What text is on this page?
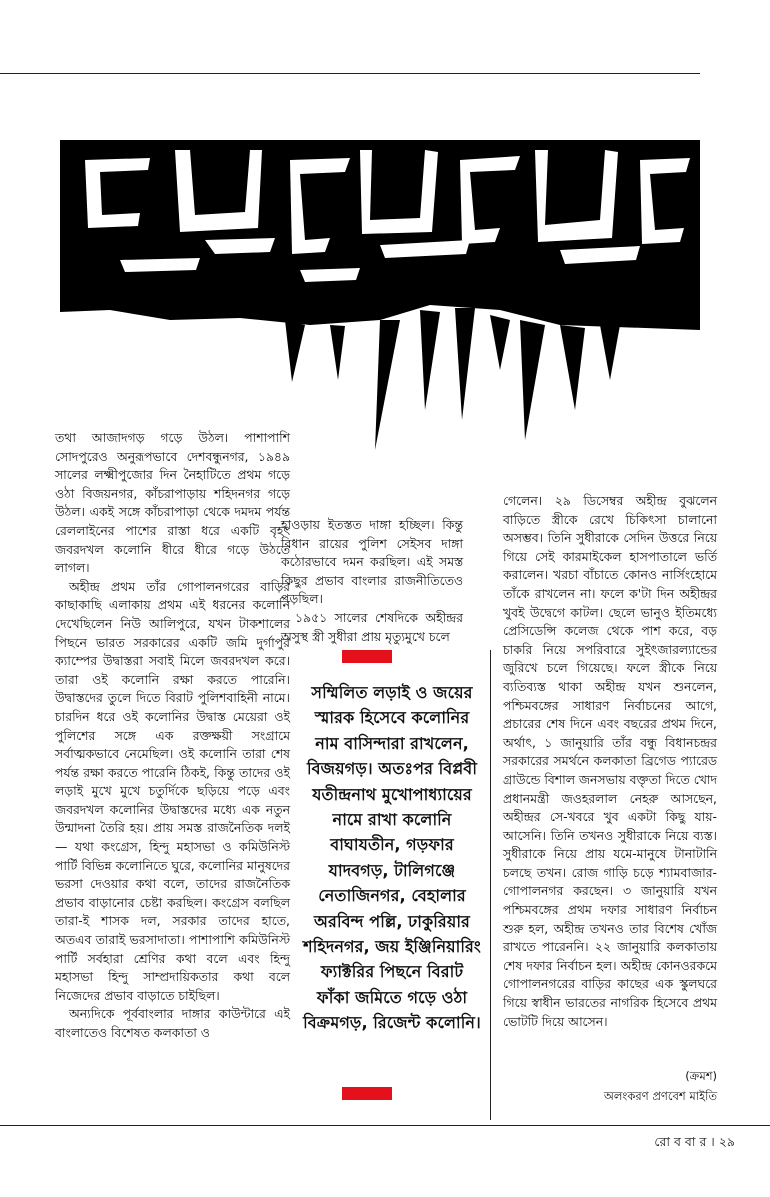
তথা আজাদগড় গড়ে উঠল। পাশাপাশি সোদপুরেও অনুরূপভাবে দেশবন্ধুনগর, ১৯৪৯ সালের লক্ষ্মীপুজোর দিন নৈহাটিতে প্রথম গড়ে ওঠা বিজয়নগর, কাঁচরাপাড়ায় শহিদনগর গড়ে উঠল। একই সঙ্গে কাঁচরাপাড়া থেকে দমদম পর্যন্ত রেললাইনের পাশের রাস্তা ধরে একটি বৃহৎ জবরদখল কলোনি ধীরে ধীরে গড়ে উঠতে লাগল।

অহীন্দ্র প্রথম তাঁর গোপালনগরের বাড়ির কাছাকাছি এলাকায় প্রথম এই ধরনের কলোনি দেখেছিলেন নিউ আলিপুরে, যখন টাকশালের পিছনে ভারত সরকারের একটি জমি দুর্গাপুর ক্যাম্পের উদ্বাস্তরা সবাই মিলে জবরদখল করে। তারা ওই কলোনি রক্ষা করতে পারেনি। উদ্বাস্তদের তুলে দিতে বিরাট পুলিশবাহিনী নামে। চারদিন ধরে ওই কলোনির উদ্বাস্ত মেয়েরা ওই পুলিশের সঙ্গে এক রক্তক্ষয়ী সংগ্রামে সর্বাত্মকভাবে নেমেছিল। ওই কলোনি তারা শেষ পর্যন্ত রক্ষা করতে পারেনি ঠিকই, কিন্তু তাদের ওই লড়াই মুখে মুখে চতুর্দিকে ছড়িয়ে পড়ে এবং জবরদখল কলোনির উদ্বাস্তদের মধ্যে এক নতুন উন্মাদনা তৈরি হয়। প্রায় সমস্ত রাজনৈতিক দলই— যথা কংগ্রেস, হিন্দু মহাসভা ও কমিউনিস্ট পার্টি বিভিন্ন কলোনিতে ঘুরে, কলোনির মানুষদের ভরসা দেওয়ার কথা বলে, তাদের রাজনৈতিক প্রভাব বাড়ানোর চেষ্টা করছিল। কংগ্রেস বলছিল তারা-ই শাসক দল, সরকার তাদের হাতে, অতএব তারাই ভরসাদাতা। পাশাপাশি কমিউনিস্ট পার্টি সর্বহারা শ্রেণির কথা বলে এবং হিন্দু মহাসভা হিন্দু সাম্প্রদায়িকতার কথা বলে নিজেদের প্রভাব বাড়াতে চাইছিল।

অন্যদিকে পূর্ববাংলার দাঙ্গার কাউন্টারে এই বাংলাতেও বিশেষত কলকাতা ও

হাওড়ায় ইতস্তত দাঙ্গা হচ্ছিল। কিন্তু বিধান রায়ের পুলিশ সেইসব দাঙ্গা কঠোরভাবে দমন করছিল। এই সমস্ত কিছুর প্রভাব বাংলার রাজনীতিতেও পড়ছিল।

১৯৫১ সালের শেষদিকে অহীন্দ্রর অসুস্থ স্ত্রী সুধীরা প্রায় মৃত্যুমুখে চলে

সম্মিলিত লড়াই ও জয়ের স্মারক হিসেবে কলোনির নাম বাসিন্দারা রাখলেন, বিজয়গড়। অতঃপর বিপ্লবী যতীন্দ্রনাথ মুখোপাধ্যায়ের নামে রাখা কলোনি বাঘাযতীন, গড়ফার যাদবগড়, টালিগঞ্জে নেতাজিনগর, বেহালার অরবিন্দ পল্লি, ঢাকুরিয়ার শহিদনগর, জয় ইঞ্জিনিয়ারিং ফ্যাক্টরির পিছনে বিরাট ফাঁকা জমিতে গড়ে ওঠা বিক্রমগড়, রিজেন্ট কলোনি।

গেলেন। ২৯ ডিসেম্বর অহীন্দ্র বুঝলেন বাড়িতে স্ত্রীকে রেখে চিকিৎসা চালানো অসম্ভব। তিনি সুধীরাকে সেদিন উত্তরে নিয়ে গিয়ে সেই কারমাইকেল হাসপাতালে ভর্তি করালেন। খরচা বাঁচাতে কোনও নার্সিংহোমে তাঁকে রাখলেন না। ফলে ক'টা দিন অহীন্দ্রর খুবই উদ্বেগে কাটল। ছেলে ভানুও ইতিমধ্যে প্রেসিডেন্সি কলেজ থেকে পাশ করে, বড় চাকরি নিয়ে সপরিবারে সুইৎজারল্যান্ডের জুরিখে চলে গিয়েছে। ফলে স্ত্রীকে নিয়ে ব্যতিব্যস্ত থাকা অহীন্দ্র যখন শুনলেন, পশ্চিমবঙ্গের সাধারণ নির্বাচনের আগে, প্রচারের শেষ দিনে এবং বছরের প্রথম দিনে, অর্থাৎ, ১ জানুয়ারি তাঁর বন্ধু বিধানচন্দ্রর সরকারের সমর্থনে কলকাতা ব্রিগেড প্যারেড গ্রাউন্ডে বিশাল জনসভায় বক্তৃতা দিতে খোদ প্রধানমন্ত্রী জওহরলাল নেহরু আসছেন, অহীন্দ্রর সে-খবরে খুব একটা কিছু যায়-আসেনি। তিনি তখনও সুধীরাকে নিয়ে ব্যস্ত। সুধীরাকে নিয়ে প্রায় যমে-মানুষে টানাটানি চলছে তখন। রোজ গাড়ি চড়ে শ্যামবাজার-গোপালনগর করছেন। ৩ জানুয়ারি যখন পশ্চিমবঙ্গের প্রথম দফার সাধারণ নির্বাচন শুরু হল, অহীন্দ্র তখনও তার বিশেষ খোঁজ রাখতে পারেননি। ২২ জানুয়ারি কলকাতায় শেষ দফার নির্বাচন হল। অহীন্দ্র কোনওরকমে গোপালনগরের বাড়ির কাছের এক স্কুলঘরে গিয়ে স্বাধীন ভারতের নাগরিক হিসেবে প্রথম ভোটটি দিয়ে আসেন।

(ক্রমশ)
অলংকরণ প্রণবেশ মাইতি
রো ব বা র । ২৯
